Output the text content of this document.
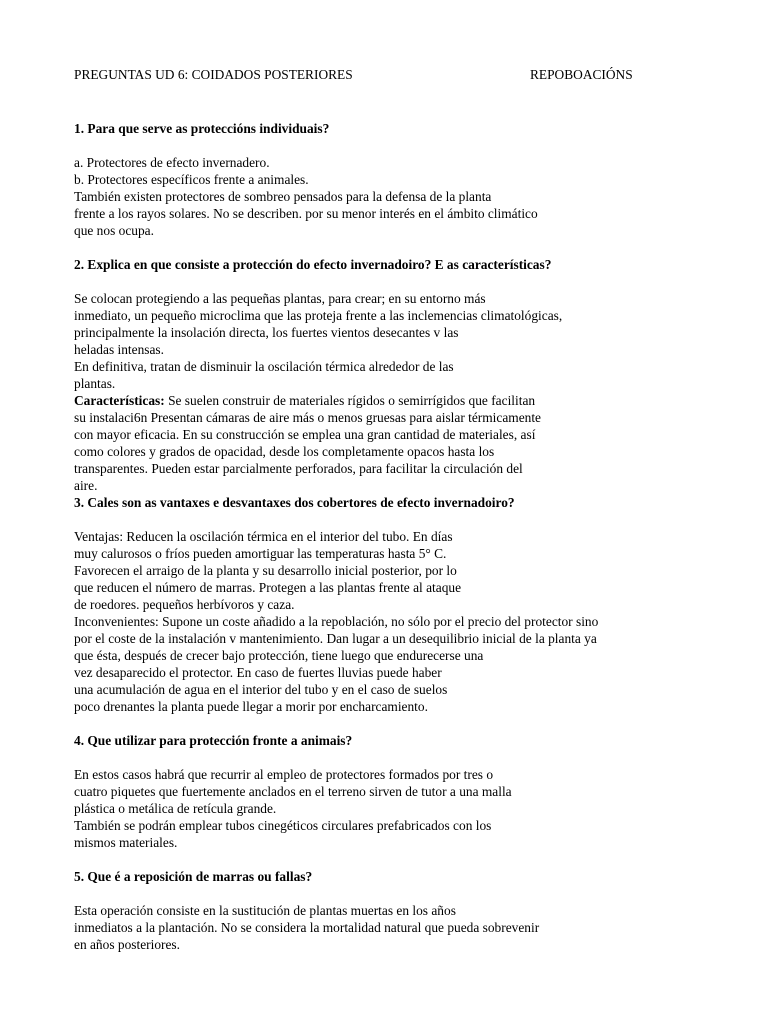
PREGUNTAS UD 6: COIDADOS POSTERIORES	REPOBOACIÓNS
1. Para que serve as proteccións individuais?
a. Protectores de efecto invernadero.
b. Protectores específicos frente a animales.
También existen protectores de sombreo pensados para la defensa de la planta
frente a los rayos solares. No se describen. por su menor interés en el ámbito climático
que nos ocupa.
2. Explica en que consiste a protección do efecto invernadoiro? E as características?
Se colocan protegiendo a las pequeñas plantas, para crear; en su entorno más
inmediato, un pequeño microclima que las proteja frente a las inclemencias climatológicas,
principalmente la insolación directa, los fuertes vientos desecantes v las
heladas intensas.
En definitiva, tratan de disminuir la oscilación térmica alrededor de las
plantas.
Características: Se suelen construir de materiales rígidos o semirrígidos que facilitan
su instalaci6n Presentan cámaras de aire más o menos gruesas para aislar térmicamente
con mayor eficacia. En su construcción se emplea una gran cantidad de materiales, así
como colores y grados de opacidad, desde los completamente opacos hasta los
transparentes. Pueden estar parcialmente perforados, para facilitar la circulación del
aire.
3. Cales son as vantaxes e desvantaxes dos cobertores de efecto invernadoiro?
Ventajas: Reducen la oscilación térmica en el interior del tubo. En días
muy calurosos o fríos pueden amortiguar las temperaturas hasta 5° C.
Favorecen el arraigo de la planta y su desarrollo inicial posterior, por lo
que reducen el número de marras. Protegen a las plantas frente al ataque
de roedores. pequeños herbívoros y caza.
Inconvenientes: Supone un coste añadido a la repoblación, no sólo por el precio del protector sino
por el coste de la instalación v mantenimiento. Dan lugar a un desequilibrio inicial de la planta ya
que ésta, después de crecer bajo protección, tiene luego que endurecerse una
vez desaparecido el protector. En caso de fuertes lluvias puede haber
una acumulación de agua en el interior del tubo y en el caso de suelos
poco drenantes la planta puede llegar a morir por encharcamiento.
4. Que utilizar para protección fronte a animais?
En estos casos habrá que recurrir al empleo de protectores formados por tres o
cuatro piquetes que fuertemente anclados en el terreno sirven de tutor a una malla
plástica o metálica de retícula grande.
También se podrán emplear tubos cinegéticos circulares prefabricados con los
mismos materiales.
5. Que é a reposición de marras ou fallas?
Esta operación consiste en la sustitución de plantas muertas en los años
inmediatos a la plantación. No se considera la mortalidad natural que pueda sobrevenir
en años posteriores.
